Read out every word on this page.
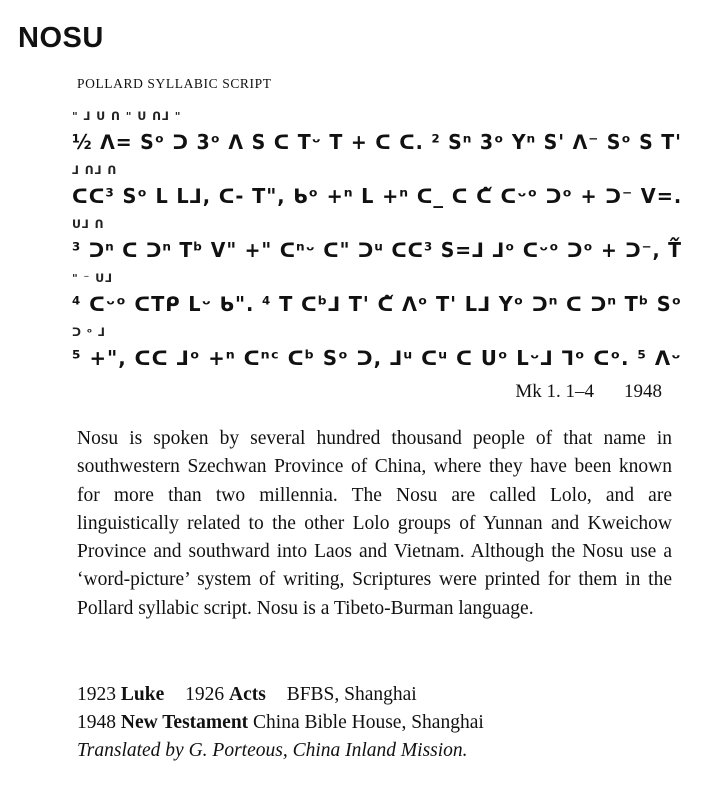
NOSU
POLLARD SYLLABIC SCRIPT
" ᒧ ᑌ ᑎ " ᑌ ᑎᒧ "
½ ᐱ= Sᵒ ᑐ 3ᵒ ᐱ S ᑕ Tᵕ T + ᑕ ᑕ. ² Sⁿ 3ᵒ Yⁿ S' ᐱ⁻ Sᵒ S T'
ᒧ ᑎᒧ ᑎ
ᑕᑕ³ Sᵒ L Lᒧ, ᑕ- T", ᑲᵒ +ⁿ L +ⁿ ᑕ_ ᑕ ᑕ᷉ ᑕᵕᵒ ᑐᵒ + ᑐ⁻ V=.
ᑌᒧ ᑎ
³ ᑐⁿ ᑕ ᑐⁿ Tᵇ V" +" ᑕⁿᵕ ᑕ" ᑐᵘ ᑕᑕ³ S=ᒧ ᒧᵒ ᑕᵕᵒ ᑐᵒ + ᑐ⁻, T᷉
" ⁻ ᑌᒧ
⁴ ᑕᵕᵒ ᑕTᑭ Lᵕ ᑲ". ⁴ T ᑕᵇᒧ T' ᑕ᷉ ᐱᵒ T' Lᒧ Yᵒ ᑐⁿ ᑕ ᑐⁿ Tᵇ Sᵒ
ᑐ ᵒ ᒧ
⁵ +", ᑕᑕ ᒧᵒ +ⁿ ᑕⁿᶜ ᑕᵇ Sᵒ ᑐ, ᒧᵘ ᑕᵘ ᑕ Uᵒ Lᵕᒧ ᒣᵒ ᑕᵒ. ⁵ ᐱᵕ
Mk 1. 1–4 1948

Nosu is spoken by several hundred thousand people of that name in southwestern Szechwan Province of China, where they have been known for more than two millennia. The Nosu are called Lolo, and are linguistically related to the other Lolo groups of Yunnan and Kweichow Province and southward into Laos and Vietnam. Although the Nosu use a ‘word-picture’ system of writing, Scriptures were printed for them in the Pollard syllabic script. Nosu is a Tibeto-Burman language.

1923 Luke 1926 Acts BFBS, Shanghai
1948 New Testament China Bible House, Shanghai
Translated by G. Porteous, China Inland Mission.
